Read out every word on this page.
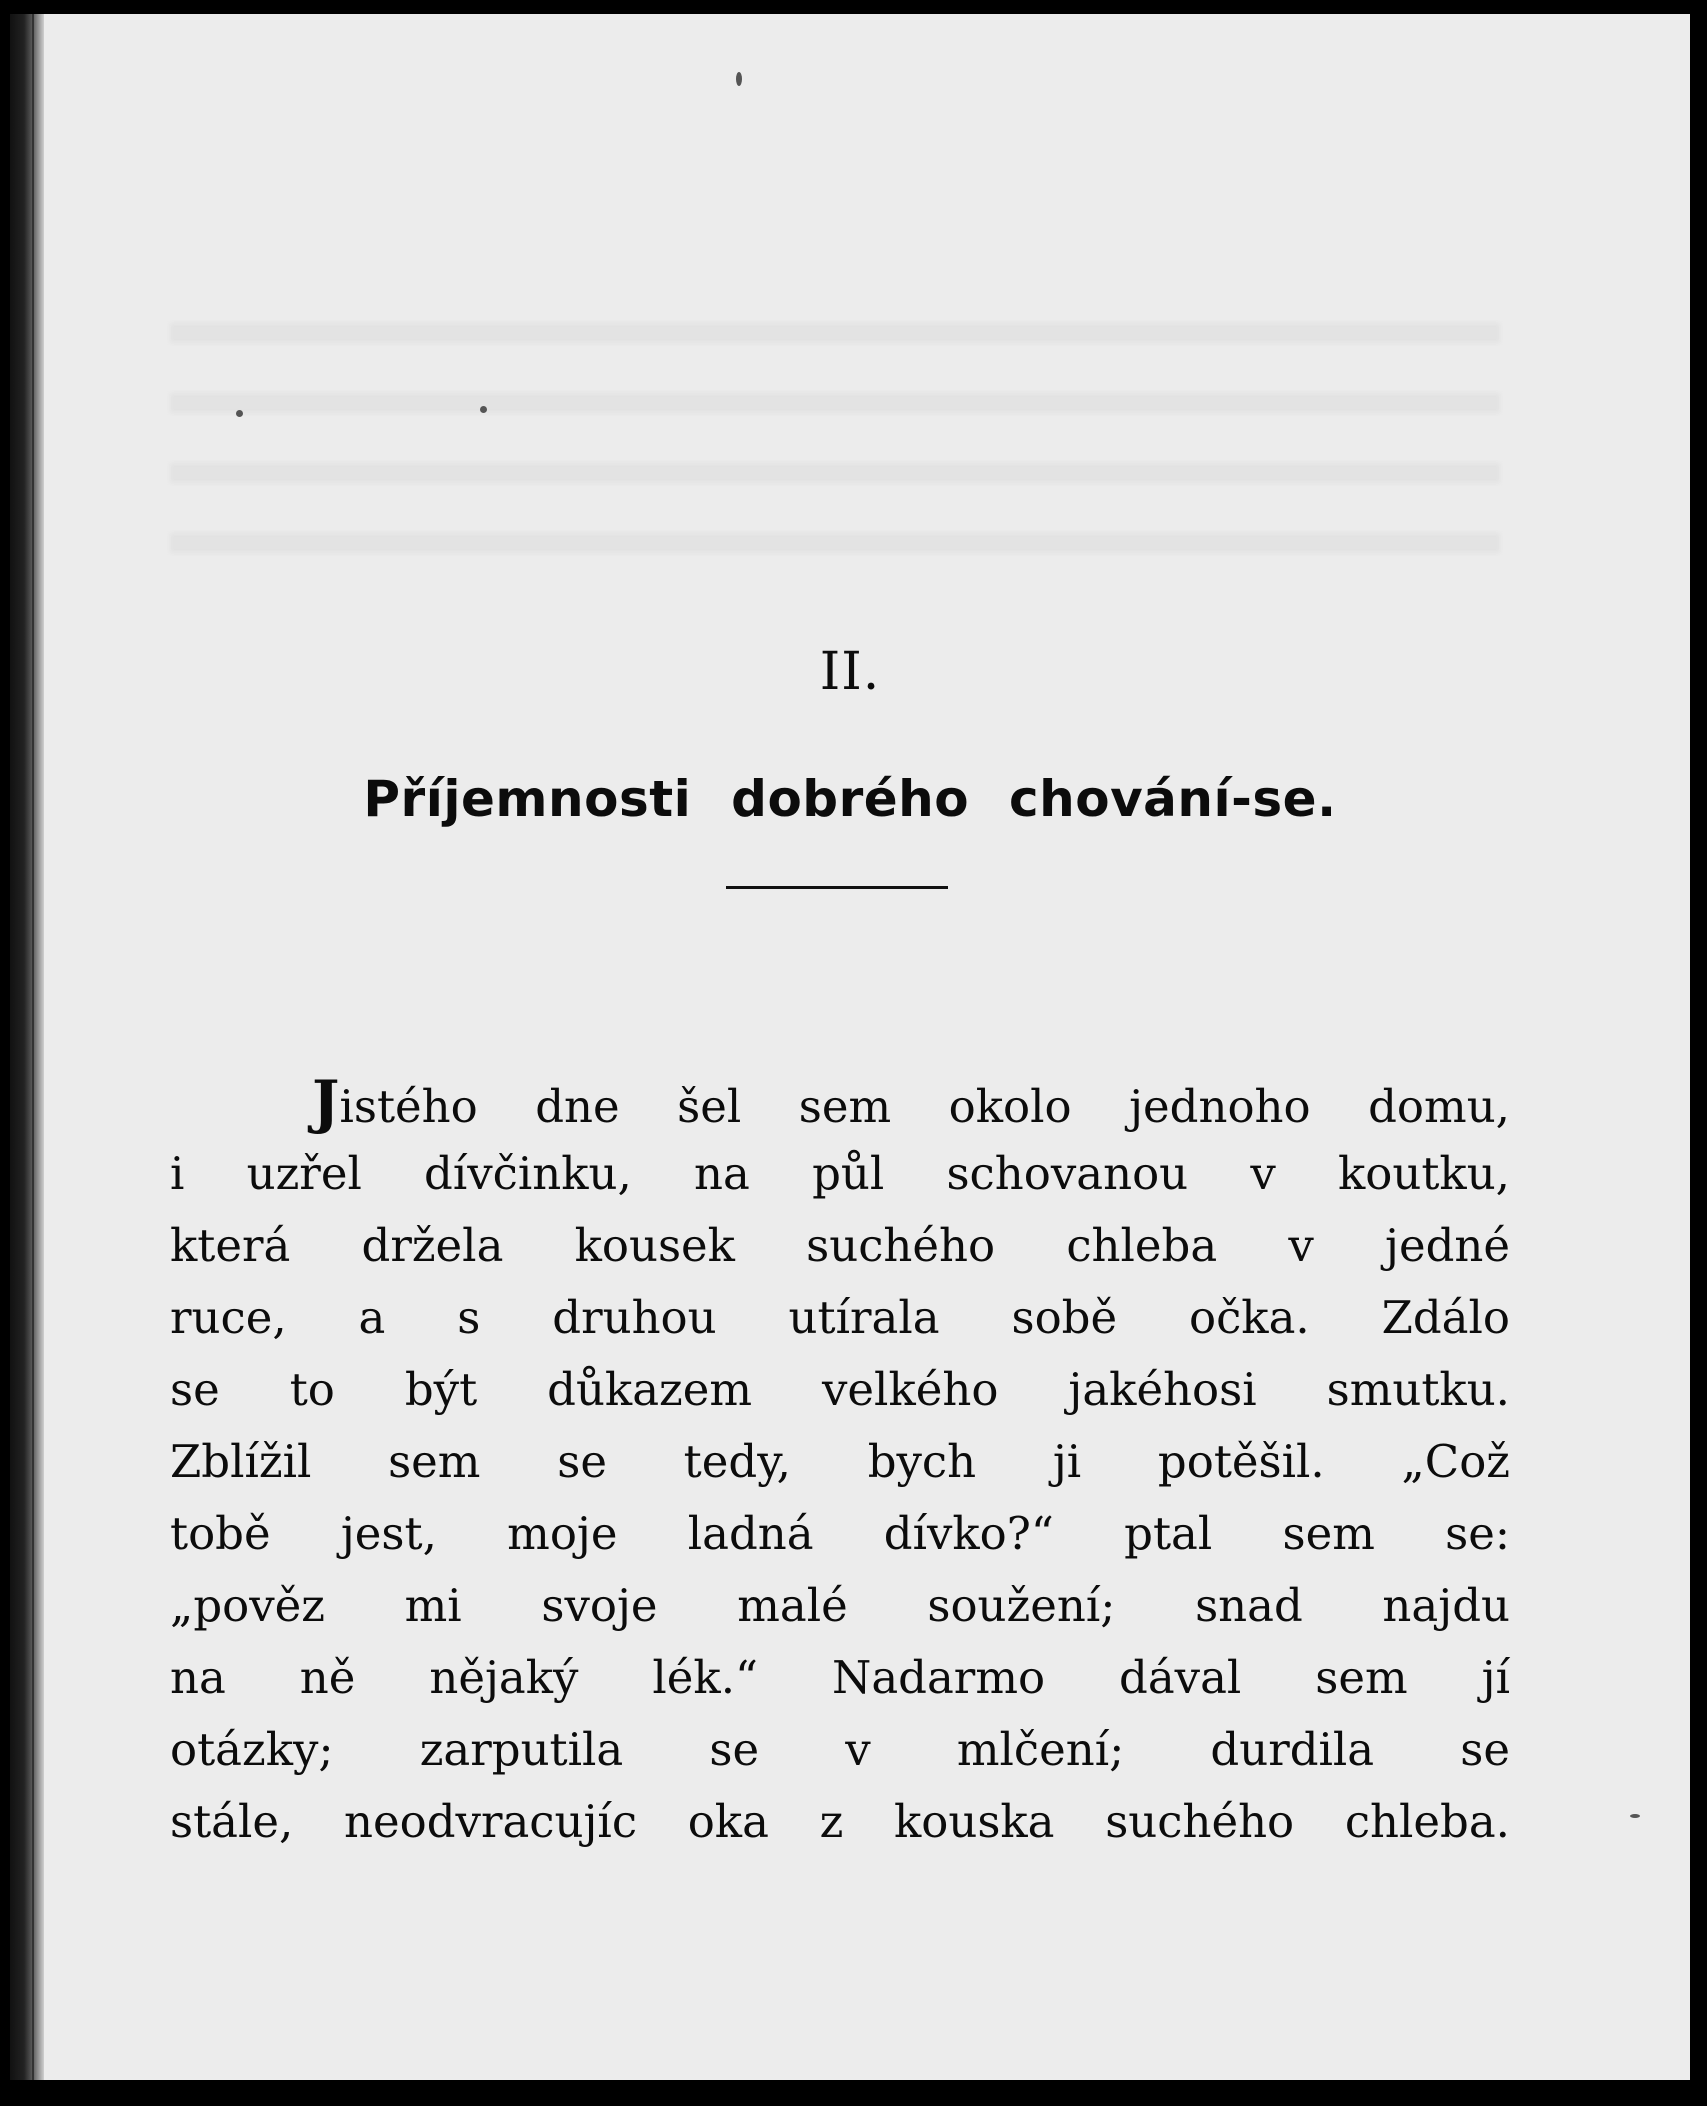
II.
Příjemnosti dobrého chování-se.
Jistého dne šel sem okolo jednoho domu,
i uzřel dívčinku, na půl schovanou v koutku,
která držela kousek suchého chleba v jedné
ruce, a s druhou utírala sobě očka. Zdálo
se to být důkazem velkého jakéhosi smutku.
Zblížil sem se tedy, bych ji potěšil. „Což
tobě jest, moje ladná dívko?“ ptal sem se:
„pověz mi svoje malé soužení; snad najdu
na ně nějaký lék.“ Nadarmo dával sem jí
otázky; zarputila se v mlčení; durdila se
stále, neodvracujíc oka z kouska suchého chleba.
